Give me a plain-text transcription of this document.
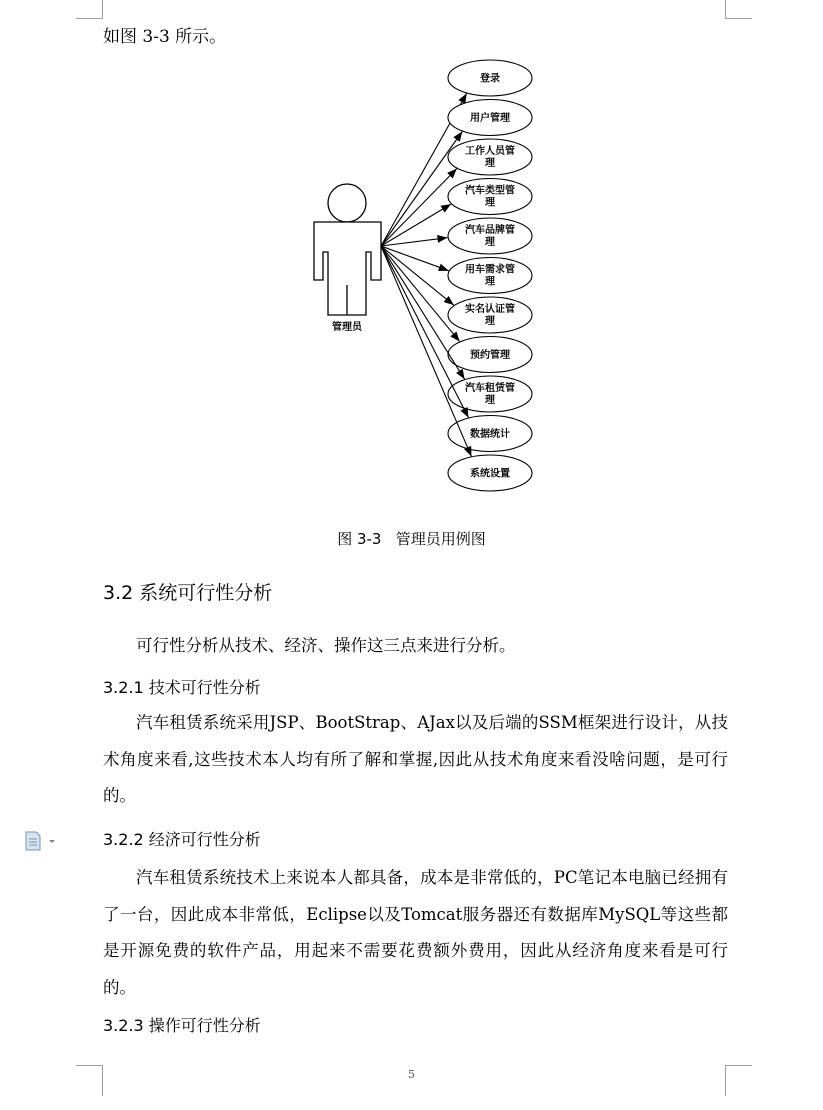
如图 3-3 所示。
管理员
登录
用户管理
工作人员管理
汽车类型管理
汽车品牌管理
用车需求管理
实名认证管理
预约管理
汽车租赁管理
数据统计
系统设置
图 3-3   管理员用例图
3.2 系统可行性分析
可行性分析从技术、经济、操作这三点来进行分析。
3.2.1 技术可行性分析
汽车租赁系统采用JSP、BootStrap、AJax以及后端的SSM框架进行设计，从技术角度来看,这些技术本人均有所了解和掌握,因此从技术角度来看没啥问题，是可行的。
3.2.2 经济可行性分析
汽车租赁系统技术上来说本人都具备，成本是非常低的，PC笔记本电脑已经拥有了一台，因此成本非常低，Eclipse以及Tomcat服务器还有数据库MySQL等这些都是开源免费的软件产品，用起来不需要花费额外费用，因此从经济角度来看是可行的。
3.2.3 操作可行性分析
5
